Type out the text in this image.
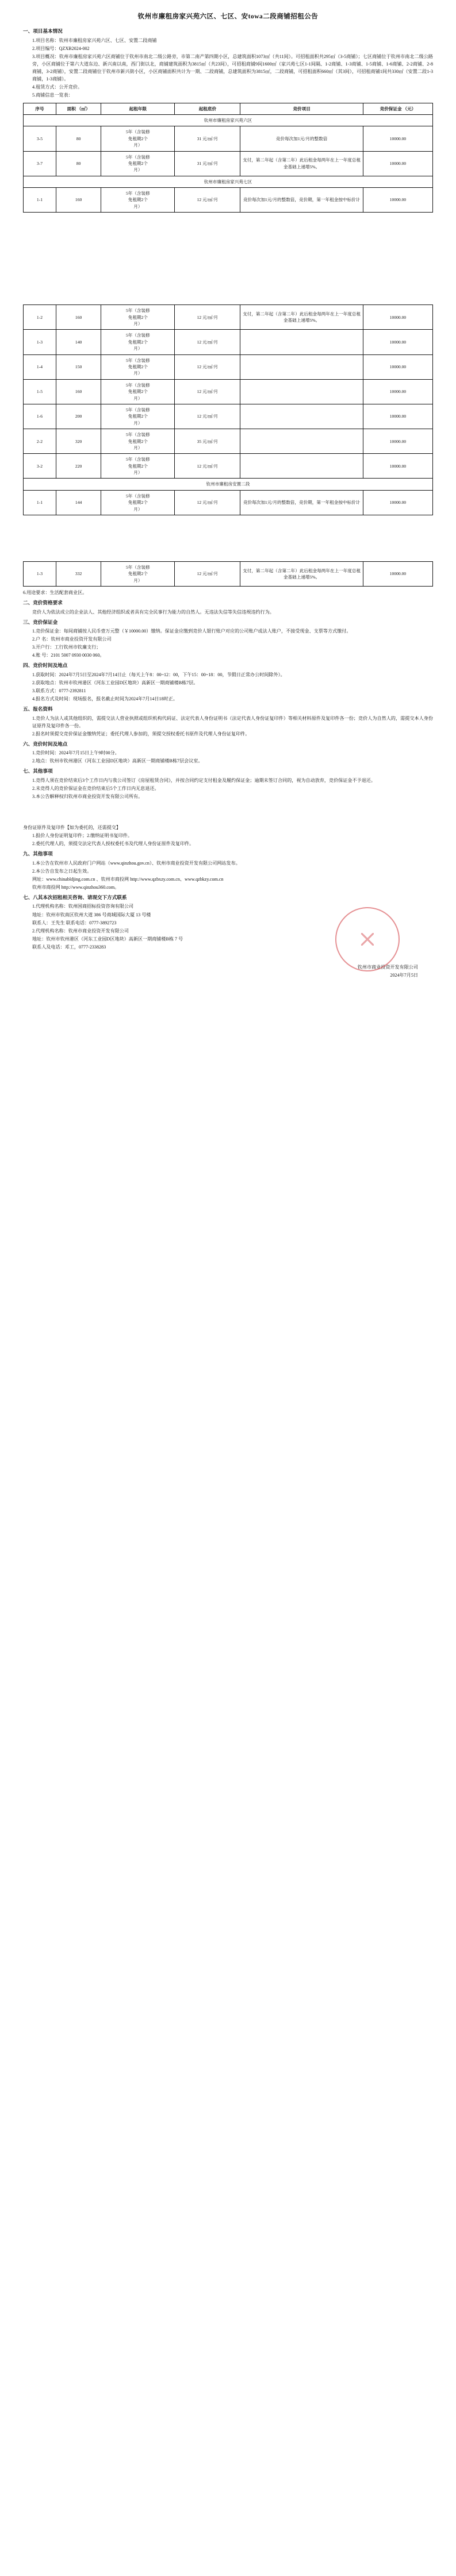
钦州市廉租房家兴苑六区、七区、安towa二段商铺招租公告
一、项目基本情况
1.项目名称：钦州市廉租房家兴苑六区、七区、安置二段商铺
2.项目编号：QZXB2024-002
3.项目概况：钦州市廉租房家兴苑六区商铺位于钦州市南北二级公路旁，市第二南产第四期小区，总建筑面积1073㎡（共11间）。可招租面积共295㎡（3-5商铺）；七区商铺位于钦州市南北二级公路旁，小区商铺位于第六大道东边、新兴南以南，西门街以北，商铺建筑面积为3815㎡（共23间），可招租商铺9间1600㎡（家兴苑七区1-1间隔、1-2商铺、1-3商铺、1-5商铺、1-6商铺、2-2商铺、2-8商铺，3-2商铺），安置二段商铺位于钦州市新兴街小区，小区商铺面积共计为一期、二段商铺，总建筑面积为3815㎡，二段商铺，可招租面积660㎡（其3间），可招租商铺1间共330㎡（安置二段1-3商铺，1-3商铺）。
4.租赁方式：公开竞价。
5.商铺信息一览表：
序号	面积 （㎡）	起租年限	起租底价	竞价项目	竞价保证金 （元）
钦州市廉租房家兴苑六区					
3-5	80	5年（含装修
免租期2个
月）	31 元/㎡/月	竞价每次加1元/月的整数倍	10000.00
3-7	80	5年（含装修
免租期2个
月）	31 元/㎡/月	支付，第二年起（含第二年）此后租金每两年在上一年度总租金基础上递增5%。	10000.00
钦州市廉租房家兴苑七区					
1-1	160	5年（含装修
免租期2个
月）	12 元/㎡/月	竞价每次加1元/月的整数倍，竞价期，第一年租金按中标价计	10000.00
1-2	160	5年（含装修
免租期2个
月）	12 元/㎡/月	支付，第二年起（含第二年）此后租金每两年在上一年度总租金基础上递增5%。	10000.00
1-3	140	5年（含装修
免租期2个
月）	12 元/㎡/月		10000.00
1-4	150	5年（含装修
免租期2个
月）	12 元/㎡/月		10000.00
1-5	160	5年（含装修
免租期2个
月）	12 元/㎡/月		10000.00
1-6	200	5年（含装修
免租期2个
月）	12 元/㎡/月		10000.00
2-2	320	5年（含装修
免租期2个
月）	35 元/㎡/月		10000.00
3-2	220	5年（含装修
免租期2个
月）	12 元/㎡/月		10000.00
钦州市廉租房安置二段					
1-1	144	5年（含装修
免租期2个
月）	12 元/㎡/月	竞价每次加1元/月的整数倍，竞价期，第一年租金按中标价计	10000.00
1-3	332	5年（含装修
免租期2个
月）	12 元/㎡/月	支付，第二年起（含第二年）此后租金每两年在上一年度总租金基础上递增5%。	10000.00
6.用途要求：生活配套商业区。
二、竞价资格要求
竞价人为依法成立的企业法人、其他经济组织或者具有完全民事行为能力的自然人。无违法失信等失信违规违约行为。
三、竞价保证金
1.竞价保证金：每间商铺按人民币壹万元整（￥10000.00）缴纳。保证金应缴到竞价人银行账户对应的公司账户或法人账户，不接受现金、支票等方式缴付。
2.户 名：钦州市商业投资开发有限公司
3.开户行：工行钦州市钦廉支行；
4.账 号：2101 5007 0930 0030 060。
四、竞价时间及地点
1.获取时间：2024年7月5日至2024年7月14日止（每天上午8：00~12：00，下午15：00~18：00，节假日正常办公时间除外）。
2.获取地点：钦州市钦州港区（河东工业园D区地块）高新区一期商铺楼B栋7层。
3.联系方式：0777-2392811
4.报名方式及时间：现场报名，报名截止时间为2024年7月14日18时正。
五、报名资料
1.竞价人为法人或其他组织的，需提交法人营业执照或组织机构代码证、法定代表人身份证明书（法定代表人身份证复印件）等相关材料原件及复印件各一份；竞价人为自然人的，需提交本人身份证原件及复印件各一份。
2.报名时须提交竞价保证金缴纳凭证；委托代理人参加的，须提交授权委托书原件及代理人身份证复印件。
六、竞价时间及地点
1.竞价时间：2024年7月15日上午9时00分。
2.地点：钦州市钦州港区（河东工业园D区地块）高新区一期商铺楼B栋7层会议室。
七、其他事项
1.竞得人须在竞价结束后3个工作日内与我公司签订《房屋租赁合同》，并按合同约定支付租金及履约保证金；逾期未签订合同的，视为自动放弃，竞价保证金不予退还。
2.未竞得人的竞价保证金在竞价结束后5个工作日内无息退还。
3.本公告解释权归钦州市商业投资开发有限公司所有。
身份证原件及复印件【如为委托的，还需提交】
1.报价人身份证明复印件；2.缴纳证明书复印件。
2.委托代理人的，须提交法定代表人授权委托书及代理人身份证原件及复印件。
九、其他事项
1.本公告在钦州市人民政府门户网站（www.qinzhou.gov.cn）、钦州市商业投资开发有限公司网站发布。
2.本公告自发布之日起生效。
网址：www.chinabldjing.com.cn 、钦州市商投网 http://www.qzbxzy.com.cn、www.qzbkzy.com.cn
钦州市商投网 http://www.qinzhou360.com。
七、八其本次招租相关咨询、请现交下方式联系
1.代理机构名称：钦州国商招标投资咨询有限公司
地址：钦州市钦南区钦州大道 386 号商城国际大厦 13 号楼
联系人：王先生 联系电话：0777-3892723
2.代理机构名称：钦州市商业投资开发有限公司
地址：钦州市钦州港区（河东工业园D区地块）高新区一期商铺楼B栋 7 号
联系人及电话：邓工，0777-2338283
钦州市商业投资开发有限公司
2024年7月5日
